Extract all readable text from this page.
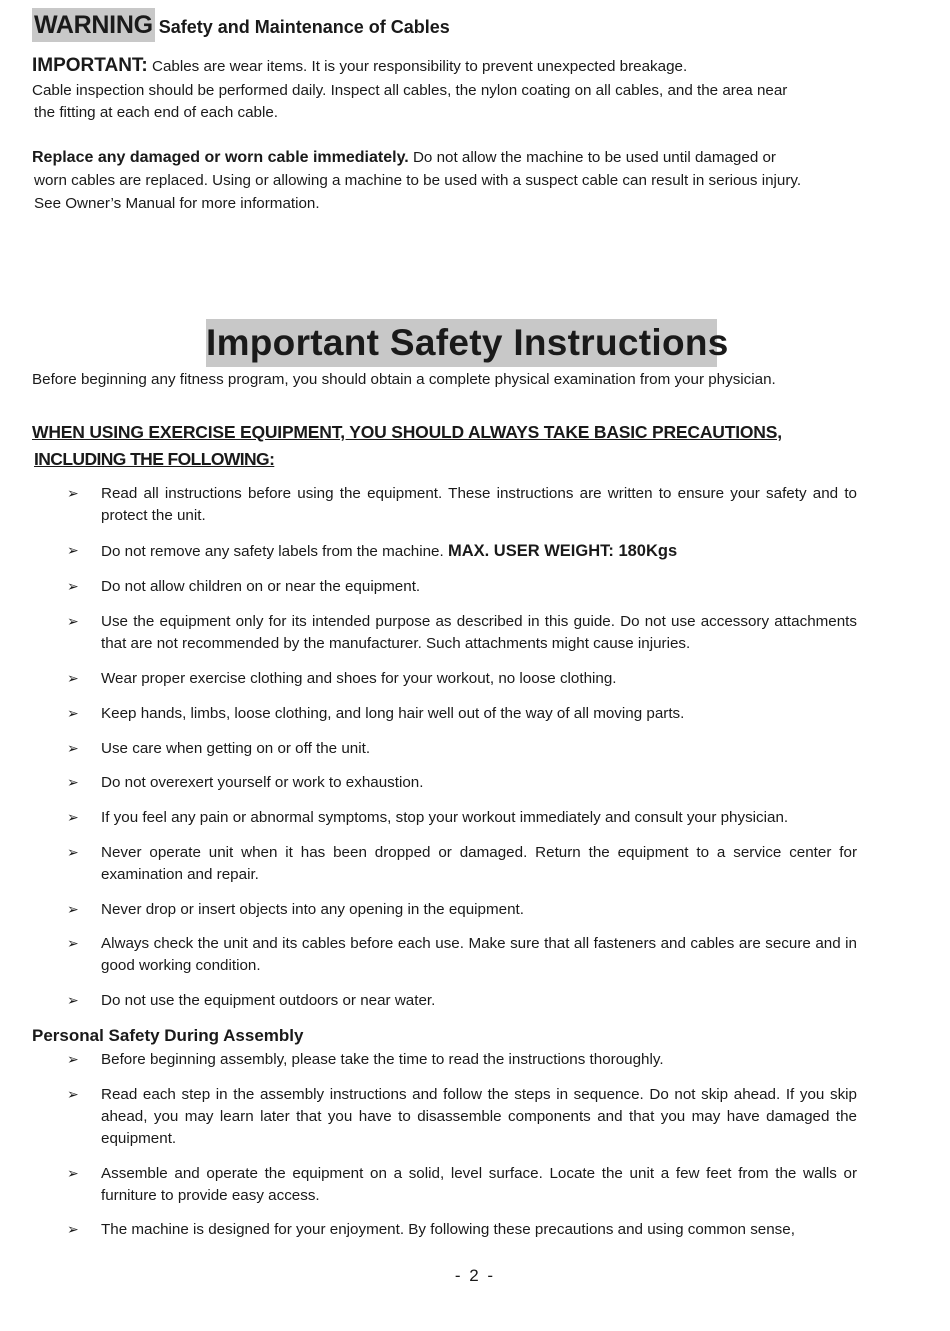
WARNING Safety and Maintenance of Cables
IMPORTANT: Cables are wear items. It is your responsibility to prevent unexpected breakage.
Cable inspection should be performed daily. Inspect all cables, the nylon coating on all cables, and the area near
the fitting at each end of each cable.
Replace any damaged or worn cable immediately. Do not allow the machine to be used until damaged or
worn cables are replaced. Using or allowing a machine to be used with a suspect cable can result in serious injury.
See Owner’s Manual for more information.
Important Safety Instructions
Before beginning any fitness program, you should obtain a complete physical examination from your physician.
WHEN USING EXERCISE EQUIPMENT, YOU SHOULD ALWAYS TAKE BASIC PRECAUTIONS,
INCLUDING THE FOLLOWING:
➢ Read all instructions before using the equipment. These instructions are written to ensure your safety and to protect the unit.
➢ Do not remove any safety labels from the machine. MAX. USER WEIGHT: 180Kgs
➢ Do not allow children on or near the equipment.
➢ Use the equipment only for its intended purpose as described in this guide. Do not use accessory attachments that are not recommended by the manufacturer. Such attachments might cause injuries.
➢ Wear proper exercise clothing and shoes for your workout, no loose clothing.
➢ Keep hands, limbs, loose clothing, and long hair well out of the way of all moving parts.
➢ Use care when getting on or off the unit.
➢ Do not overexert yourself or work to exhaustion.
➢ If you feel any pain or abnormal symptoms, stop your workout immediately and consult your physician.
➢ Never operate unit when it has been dropped or damaged. Return the equipment to a service center for examination and repair.
➢ Never drop or insert objects into any opening in the equipment.
➢ Always check the unit and its cables before each use. Make sure that all fasteners and cables are secure and in good working condition.
➢ Do not use the equipment outdoors or near water.
Personal Safety During Assembly
➢ Before beginning assembly, please take the time to read the instructions thoroughly.
➢ Read each step in the assembly instructions and follow the steps in sequence. Do not skip ahead. If you skip ahead, you may learn later that you have to disassemble components and that you may have damaged the equipment.
➢ Assemble and operate the equipment on a solid, level surface. Locate the unit a few feet from the walls or furniture to provide easy access.
➢ The machine is designed for your enjoyment. By following these precautions and using common sense,
- 2 -
